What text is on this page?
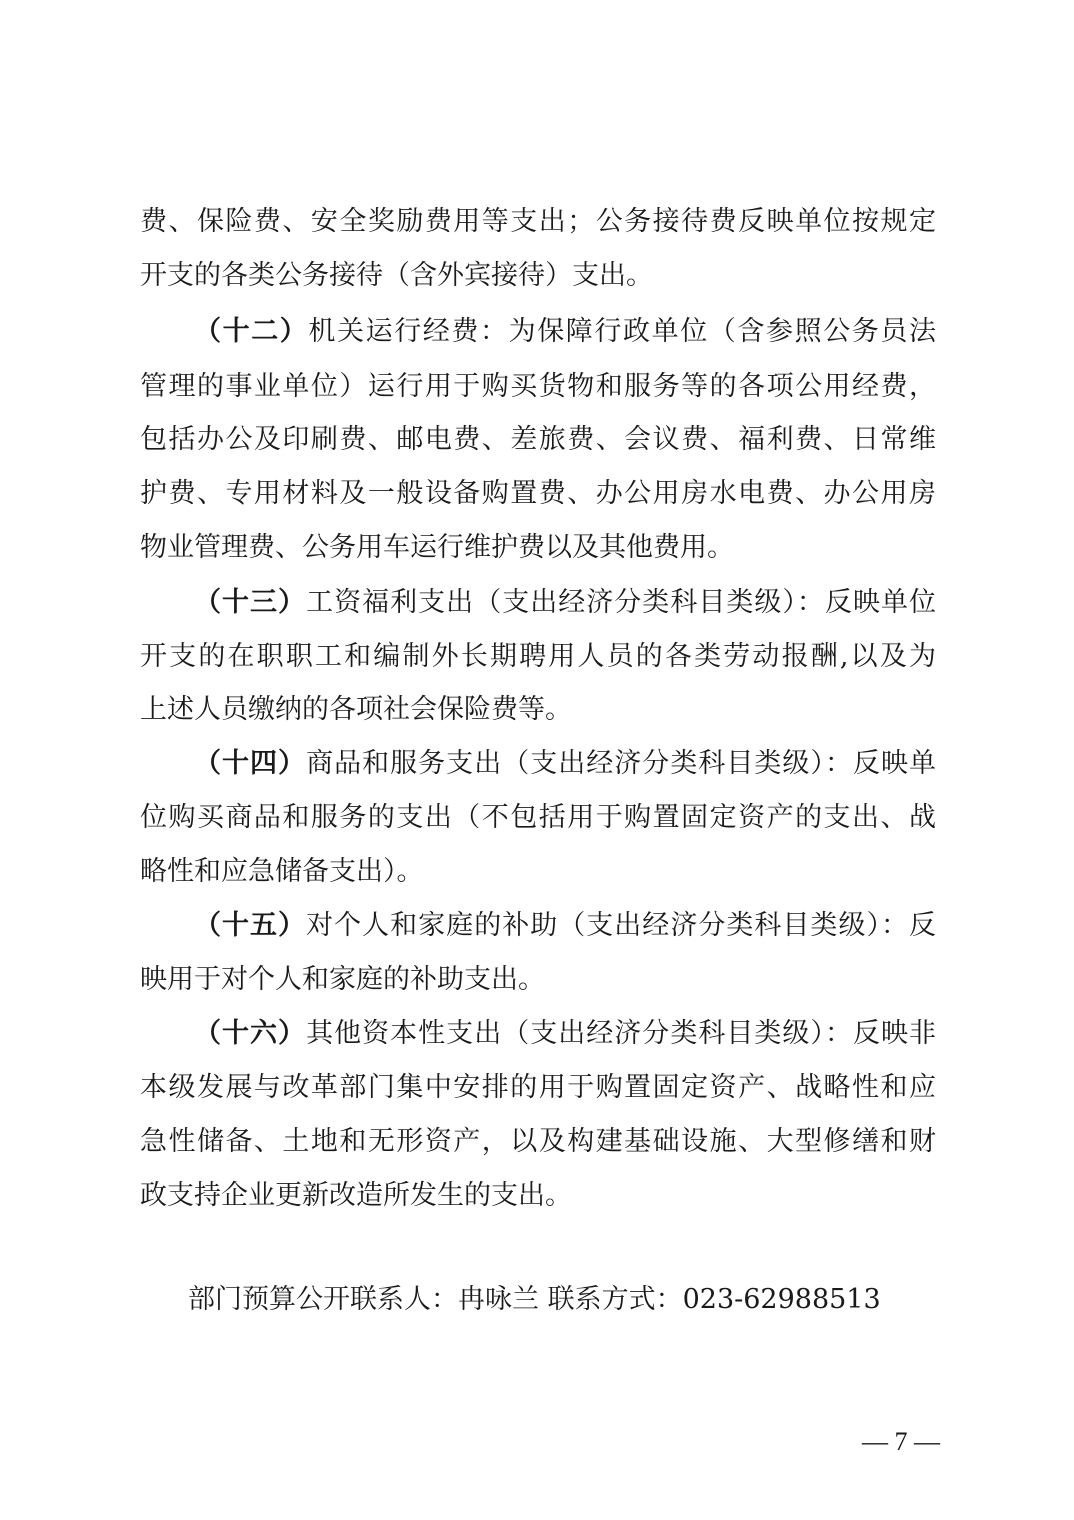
费、保险费、安全奖励费用等支出；公务接待费反映单位按规定
开支的各类公务接待（含外宾接待）支出。
（十二）机关运行经费：为保障行政单位（含参照公务员法
管理的事业单位）运行用于购买货物和服务等的各项公用经费，
包括办公及印刷费、邮电费、差旅费、会议费、福利费、日常维
护费、专用材料及一般设备购置费、办公用房水电费、办公用房
物业管理费、公务用车运行维护费以及其他费用。
（十三）工资福利支出（支出经济分类科目类级）：反映单位
开支的在职职工和编制外长期聘用人员的各类劳动报酬,以及为
上述人员缴纳的各项社会保险费等。
（十四）商品和服务支出（支出经济分类科目类级）：反映单
位购买商品和服务的支出（不包括用于购置固定资产的支出、战
略性和应急储备支出）。
（十五）对个人和家庭的补助（支出经济分类科目类级）：反
映用于对个人和家庭的补助支出。
（十六）其他资本性支出（支出经济分类科目类级）：反映非
本级发展与改革部门集中安排的用于购置固定资产、战略性和应
急性储备、土地和无形资产，以及构建基础设施、大型修缮和财
政支持企业更新改造所发生的支出。
部门预算公开联系人：冉咏兰 联系方式：023-62988513
— 7 —
